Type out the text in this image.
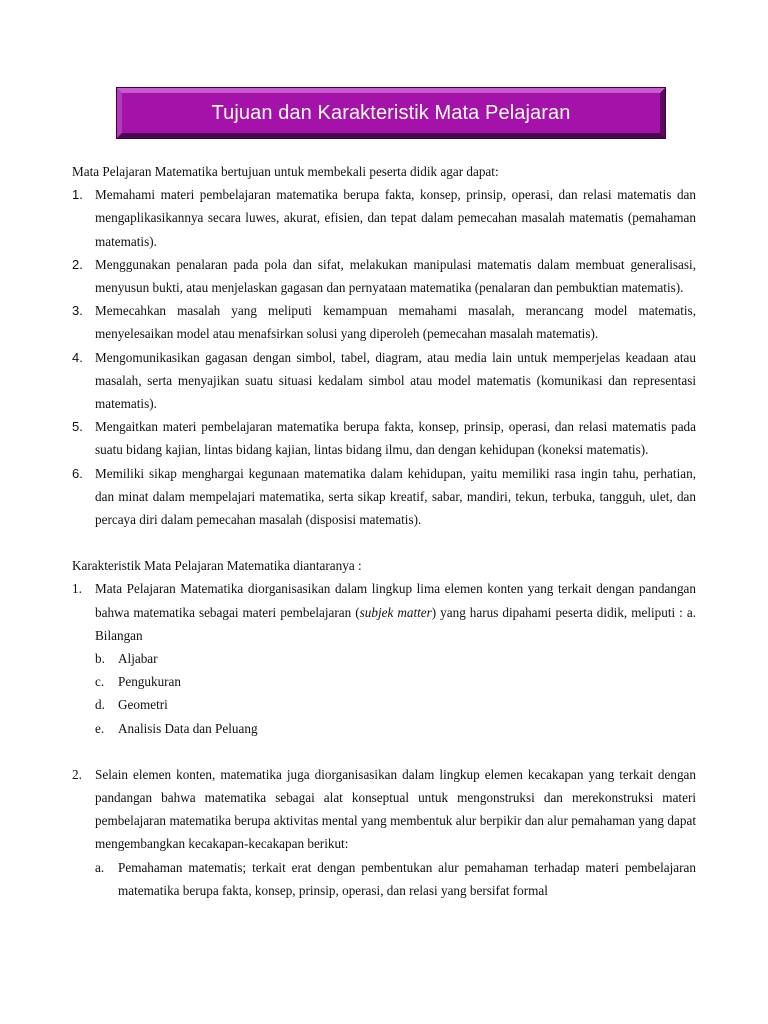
Tujuan dan Karakteristik Mata Pelajaran

Mata Pelajaran Matematika bertujuan untuk membekali peserta didik agar dapat:

1. Memahami materi pembelajaran matematika berupa fakta, konsep, prinsip, operasi, dan relasi matematis dan mengaplikasikannya secara luwes, akurat, efisien, dan tepat dalam pemecahan masalah matematis (pemahaman matematis).
2. Menggunakan penalaran pada pola dan sifat, melakukan manipulasi matematis dalam membuat generalisasi, menyusun bukti, atau menjelaskan gagasan dan pernyataan matematika (penalaran dan pembuktian matematis).
3. Memecahkan masalah yang meliputi kemampuan memahami masalah, merancang model matematis, menyelesaikan model atau menafsirkan solusi yang diperoleh (pemecahan masalah matematis).
4. Mengomunikasikan gagasan dengan simbol, tabel, diagram, atau media lain untuk memperjelas keadaan atau masalah, serta menyajikan suatu situasi kedalam simbol atau model matematis (komunikasi dan representasi matematis).
5. Mengaitkan materi pembelajaran matematika berupa fakta, konsep, prinsip, operasi, dan relasi matematis pada suatu bidang kajian, lintas bidang kajian, lintas bidang ilmu, dan dengan kehidupan (koneksi matematis).
6. Memiliki sikap menghargai kegunaan matematika dalam kehidupan, yaitu memiliki rasa ingin tahu, perhatian, dan minat dalam mempelajari matematika, serta sikap kreatif, sabar, mandiri, tekun, terbuka, tangguh, ulet, dan percaya diri dalam pemecahan masalah (disposisi matematis).

Karakteristik Mata Pelajaran Matematika diantaranya :

1. Mata Pelajaran Matematika diorganisasikan dalam lingkup lima elemen konten yang terkait dengan pandangan bahwa matematika sebagai materi pembelajaran (subjek matter) yang harus dipahami peserta didik, meliputi : a. Bilangan
b. Aljabar
c. Pengukuran
d. Geometri
e. Analisis Data dan Peluang
2. Selain elemen konten, matematika juga diorganisasikan dalam lingkup elemen kecakapan yang terkait dengan pandangan bahwa matematika sebagai alat konseptual untuk mengonstruksi dan merekonstruksi materi pembelajaran matematika berupa aktivitas mental yang membentuk alur berpikir dan alur pemahaman yang dapat mengembangkan kecakapan-kecakapan berikut:
a. Pemahaman matematis; terkait erat dengan pembentukan alur pemahaman terhadap materi pembelajaran matematika berupa fakta, konsep, prinsip, operasi, dan relasi yang bersifat formal
